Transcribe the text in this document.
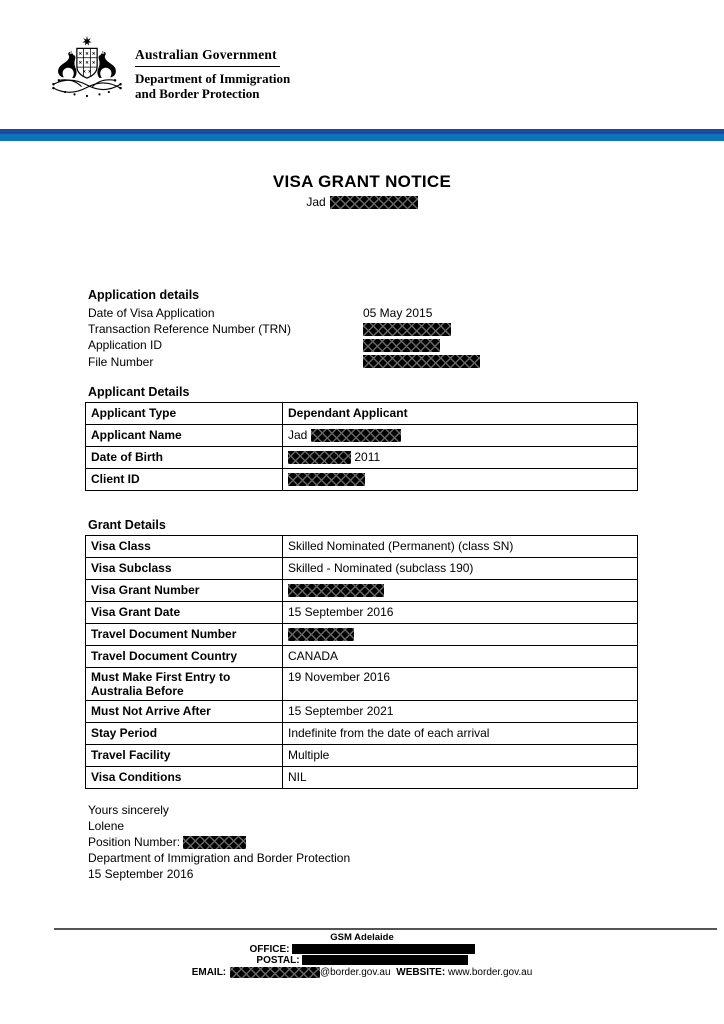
Australian Government
Department of Immigration
and Border Protection
VISA GRANT NOTICE
Jad
Application details
Date of Visa Application	05 May 2015
Transaction Reference Number (TRN)
Application ID
File Number
Applicant Details
Applicant Type	Dependant Applicant
Applicant Name	Jad
Date of Birth	2011
Client ID	
Grant Details
Visa Class	Skilled Nominated (Permanent) (class SN)
Visa Subclass	Skilled - Nominated (subclass 190)
Visa Grant Number	
Visa Grant Date	15 September 2016
Travel Document Number	
Travel Document Country	CANADA
Must Make First Entry to Australia Before	19 November 2016
Must Not Arrive After	15 September 2021
Stay Period	Indefinite from the date of each arrival
Travel Facility	Multiple
Visa Conditions	NIL
Yours sincerely
Lolene
Position Number:
Department of Immigration and Border Protection
15 September 2016
GSM Adelaide
OFFICE:
POSTAL:
EMAIL:	@border.gov.au WEBSITE: www.border.gov.au
